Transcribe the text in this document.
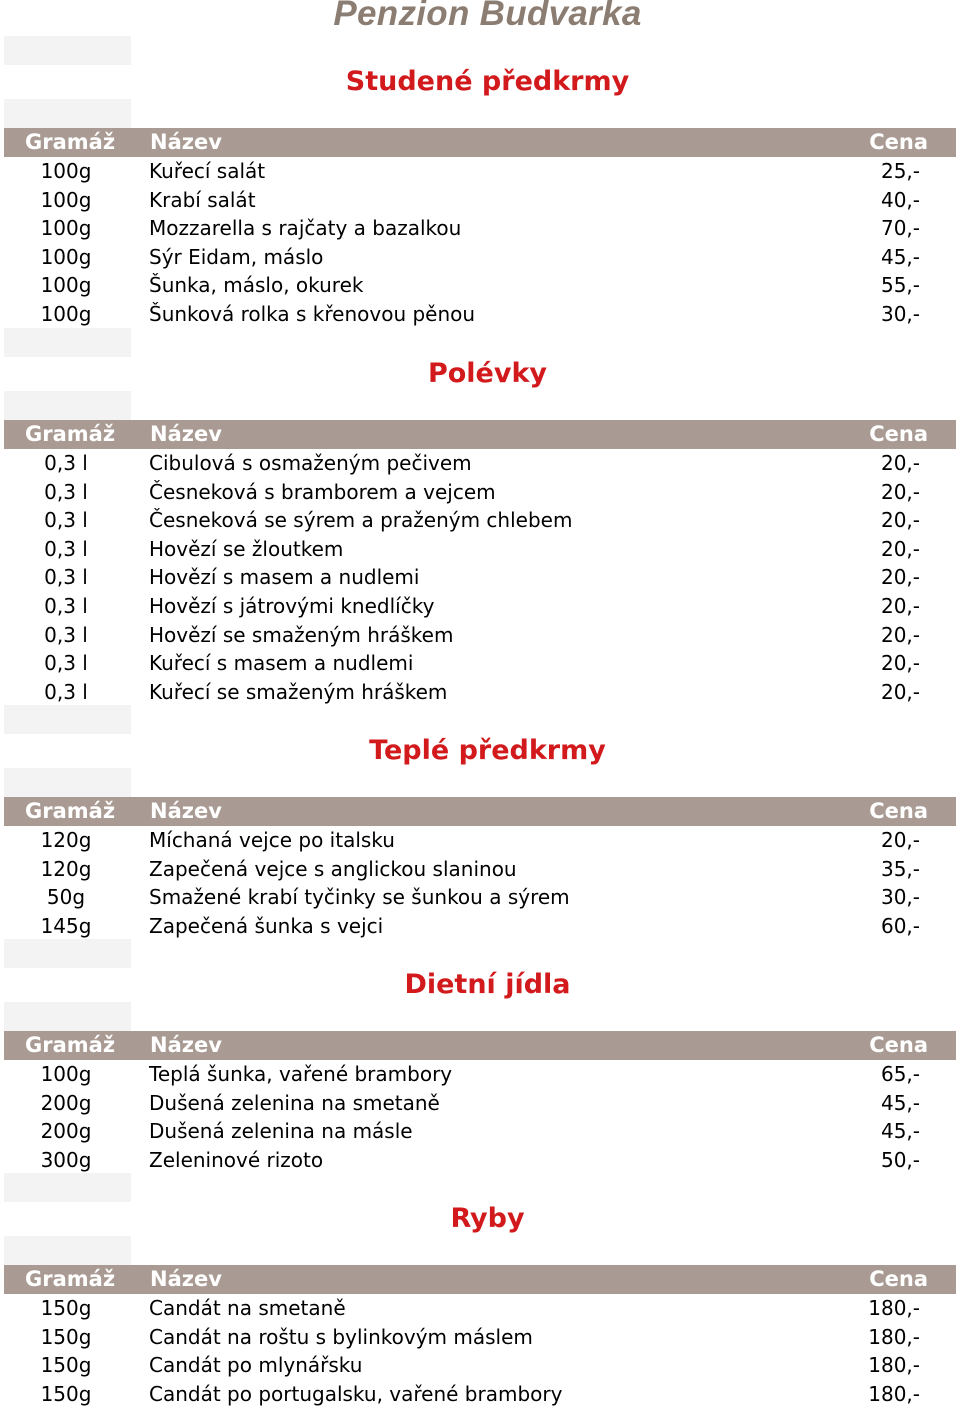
Penzion Budvarka
Studené předkrmy
Gramáž Název	Cena
100g	Kuřecí salát	25,-
100g	Krabí salát	40,-
100g	Mozzarella s rajčaty a bazalkou	70,-
100g	Sýr Eidam, máslo	45,-
100g	Šunka, máslo, okurek	55,-
100g	Šunková rolka s křenovou pěnou	30,-
Polévky
Gramáž Název	Cena
0,3 l	Cibulová s osmaženým pečivem	20,-
0,3 l	Česneková s bramborem a vejcem	20,-
0,3 l	Česneková se sýrem a praženým chlebem	20,-
0,3 l	Hovězí se žloutkem	20,-
0,3 l	Hovězí s masem a nudlemi	20,-
0,3 l	Hovězí s játrovými knedlíčky	20,-
0,3 l	Hovězí se smaženým hráškem	20,-
0,3 l	Kuřecí s masem a nudlemi	20,-
0,3 l	Kuřecí se smaženým hráškem	20,-
Teplé předkrmy
Gramáž Název	Cena
120g	Míchaná vejce po italsku	20,-
120g	Zapečená vejce s anglickou slaninou	35,-
50g	Smažené krabí tyčinky se šunkou a sýrem	30,-
145g	Zapečená šunka s vejci	60,-
Dietní jídla
Gramáž Název	Cena
100g	Teplá šunka, vařené brambory	65,-
200g	Dušená zelenina na smetaně	45,-
200g	Dušená zelenina na másle	45,-
300g	Zeleninové rizoto	50,-
Ryby
Gramáž Název	Cena
150g	Candát na smetaně	180,-
150g	Candát na roštu s bylinkovým máslem	180,-
150g	Candát po mlynářsku	180,-
150g	Candát po portugalsku, vařené brambory	180,-
